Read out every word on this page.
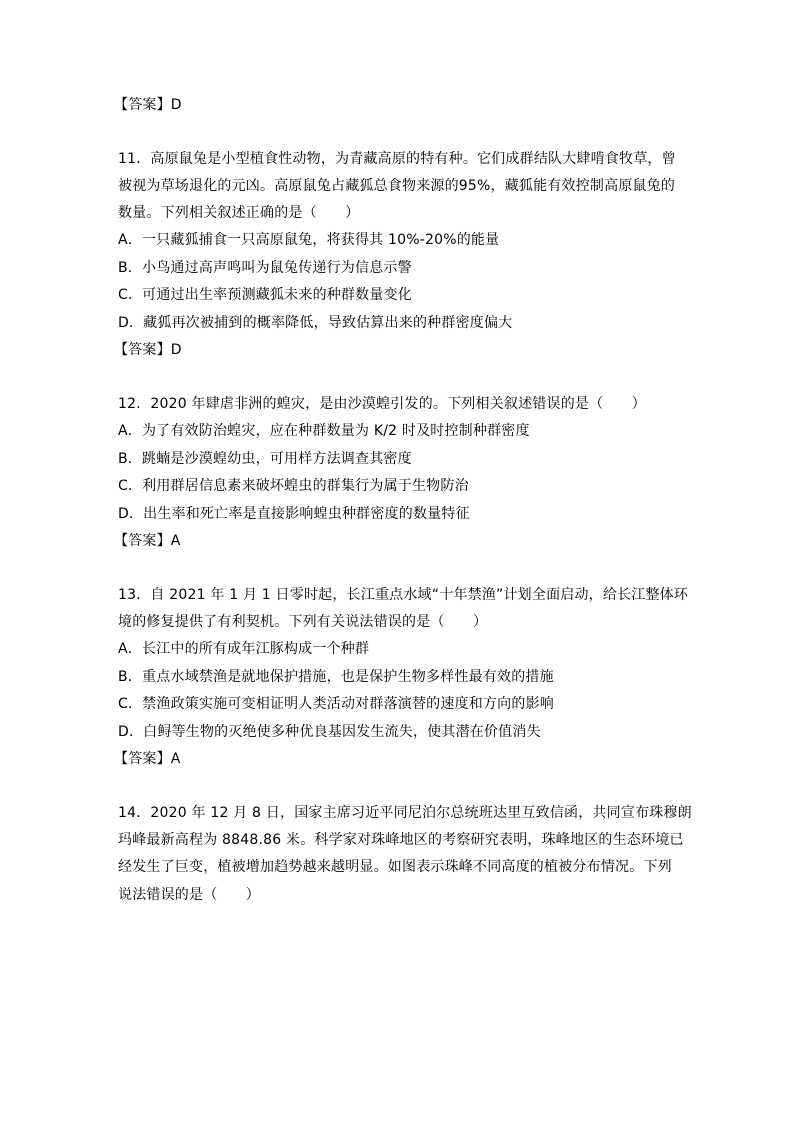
【答案】D
11．高原鼠兔是小型植食性动物，为青藏高原的特有种。它们成群结队大肆啃食牧草，曾
被视为草场退化的元凶。高原鼠兔占藏狐总食物来源的95%，藏狐能有效控制高原鼠兔的
数量。下列相关叙述正确的是（　　）
A．一只藏狐捕食一只高原鼠兔，将获得其 10%-20%的能量
B．小鸟通过高声鸣叫为鼠兔传递行为信息示警
C．可通过出生率预测藏狐未来的种群数量变化
D．藏狐再次被捕到的概率降低，导致估算出来的种群密度偏大
【答案】D
12．2020 年肆虐非洲的蝗灾，是由沙漠蝗引发的。下列相关叙述错误的是（　　）
A．为了有效防治蝗灾，应在种群数量为 K/2 时及时控制种群密度
B．跳蝻是沙漠蝗幼虫，可用样方法调查其密度
C．利用群居信息素来破坏蝗虫的群集行为属于生物防治
D．出生率和死亡率是直接影响蝗虫种群密度的数量特征
【答案】A
13．自 2021 年 1 月 1 日零时起，长江重点水域“十年禁渔”计划全面启动，给长江整体环
境的修复提供了有利契机。下列有关说法错误的是（　　）
A．长江中的所有成年江豚构成一个种群
B．重点水域禁渔是就地保护措施，也是保护生物多样性最有效的措施
C．禁渔政策实施可变相证明人类活动对群落演替的速度和方向的影响
D．白鲟等生物的灭绝使多种优良基因发生流失，使其潜在价值消失
【答案】A
14．2020 年 12 月 8 日，国家主席习近平同尼泊尔总统班达里互致信函，共同宣布珠穆朗
玛峰最新高程为 8848.86 米。科学家对珠峰地区的考察研究表明，珠峰地区的生态环境已
经发生了巨变，植被增加趋势越来越明显。如图表示珠峰不同高度的植被分布情况。下列
说法错误的是（　　）
